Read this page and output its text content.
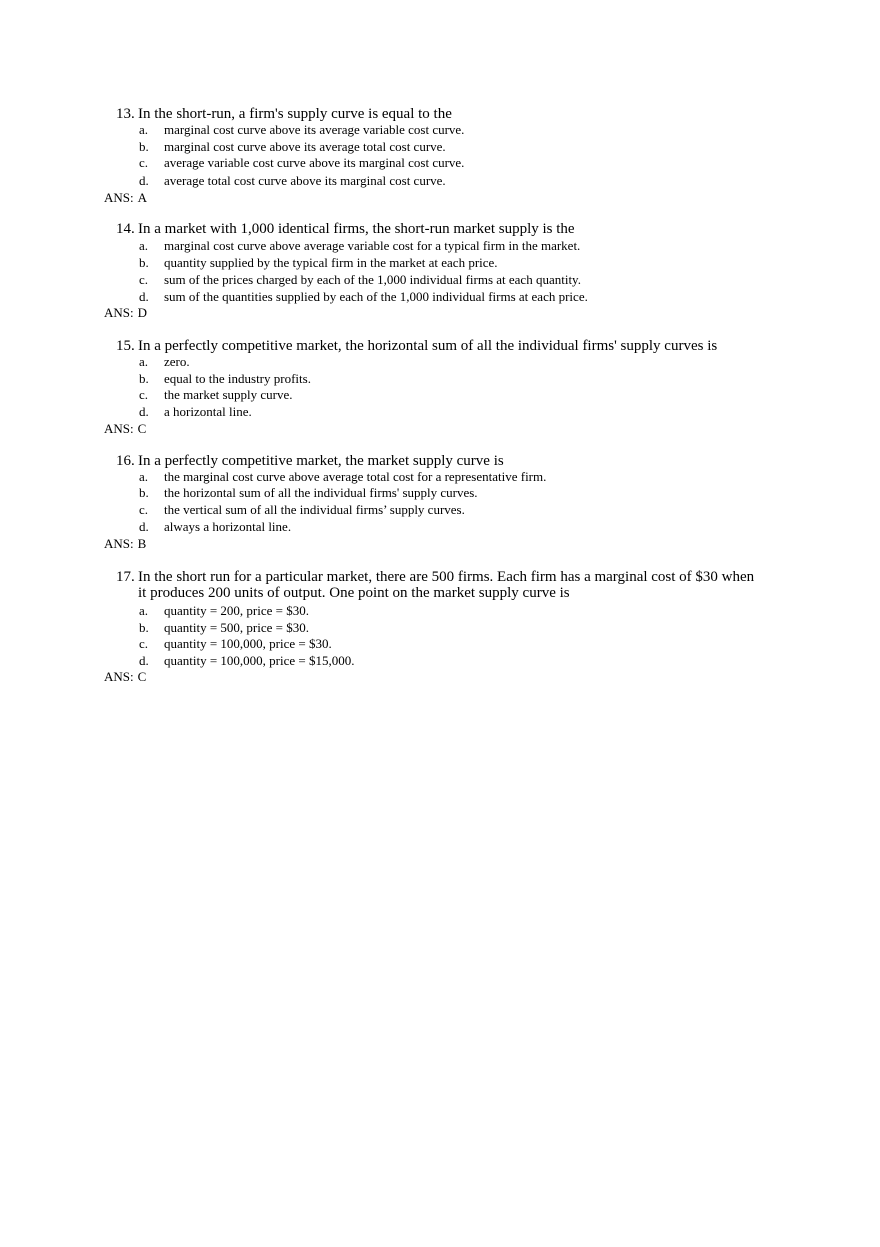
13. In the short-run, a firm's supply curve is equal to the
a. marginal cost curve above its average variable cost curve.
b. marginal cost curve above its average total cost curve.
c. average variable cost curve above its marginal cost curve.
d. average total cost curve above its marginal cost curve.
ANS: A
14. In a market with 1,000 identical firms, the short-run market supply is the
a. marginal cost curve above average variable cost for a typical firm in the market.
b. quantity supplied by the typical firm in the market at each price.
c. sum of the prices charged by each of the 1,000 individual firms at each quantity.
d. sum of the quantities supplied by each of the 1,000 individual firms at each price.
ANS: D
15. In a perfectly competitive market, the horizontal sum of all the individual firms' supply curves is
a. zero.
b. equal to the industry profits.
c. the market supply curve.
d. a horizontal line.
ANS: C
16. In a perfectly competitive market, the market supply curve is
a. the marginal cost curve above average total cost for a representative firm.
b. the horizontal sum of all the individual firms' supply curves.
c. the vertical sum of all the individual firms’ supply curves.
d. always a horizontal line.
ANS: B
17. In the short run for a particular market, there are 500 firms. Each firm has a marginal cost of $30 when it produces 200 units of output. One point on the market supply curve is
a. quantity = 200, price = $30.
b. quantity = 500, price = $30.
c. quantity = 100,000, price = $30.
d. quantity = 100,000, price = $15,000.
ANS: C
